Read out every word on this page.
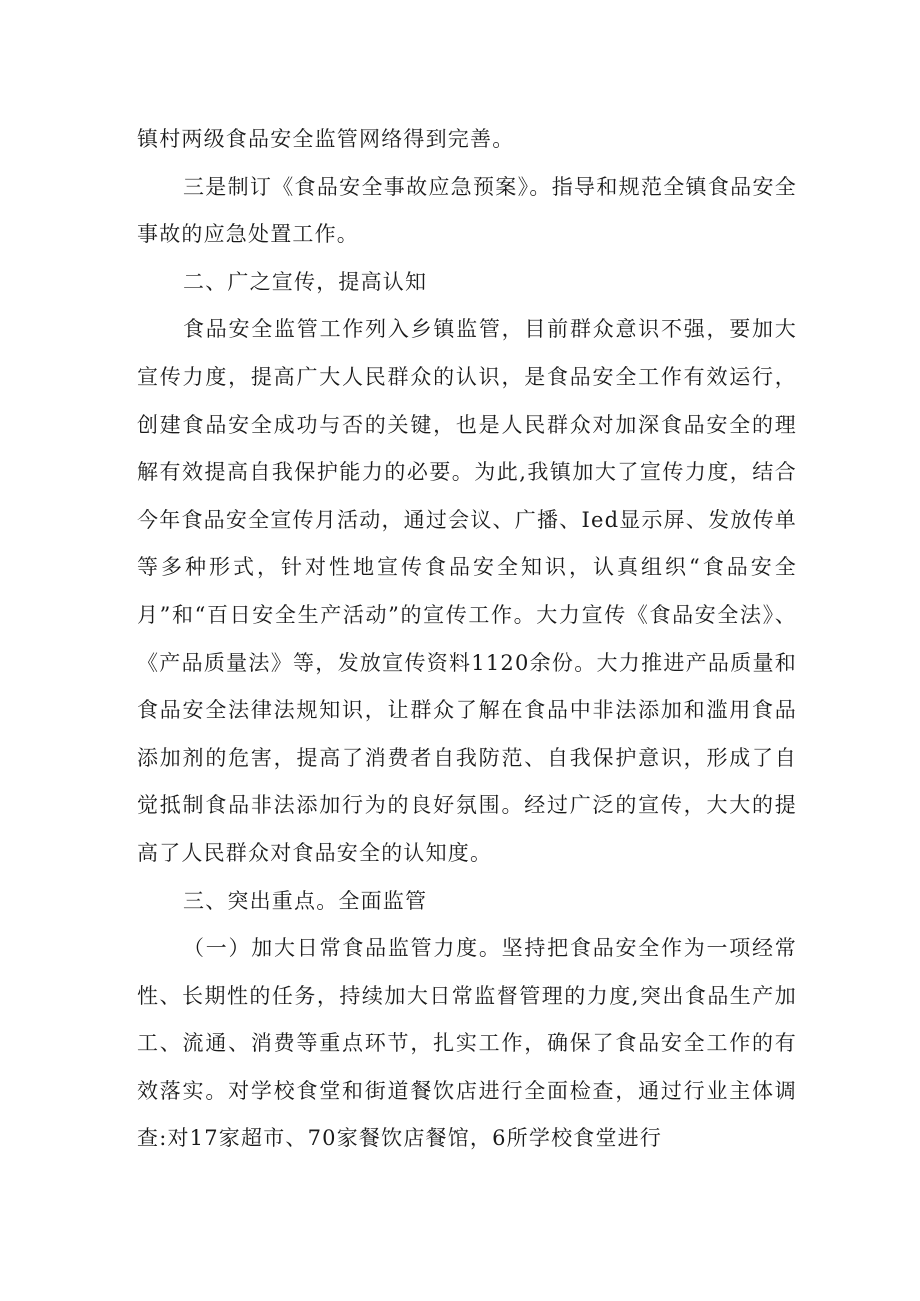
镇村两级食品安全监管网络得到完善。

三是制订《食品安全事故应急预案》。指导和规范全镇食品安全事故的应急处置工作。

二、广之宣传，提高认知

食品安全监管工作列入乡镇监管，目前群众意识不强，要加大宣传力度，提高广大人民群众的认识，是食品安全工作有效运行，创建食品安全成功与否的关键，也是人民群众对加深食品安全的理解有效提高自我保护能力的必要。为此,我镇加大了宣传力度，结合今年食品安全宣传月活动，通过会议、广播、Ied显示屏、发放传单等多种形式，针对性地宣传食品安全知识，认真组织“食品安全月”和“百日安全生产活动”的宣传工作。大力宣传《食品安全法》、《产品质量法》等，发放宣传资料1120余份。大力推进产品质量和食品安全法律法规知识，让群众了解在食品中非法添加和滥用食品添加剂的危害，提高了消费者自我防范、自我保护意识，形成了自觉抵制食品非法添加行为的良好氛围。经过广泛的宣传，大大的提高了人民群众对食品安全的认知度。

三、突出重点。全面监管

（一）加大日常食品监管力度。坚持把食品安全作为一项经常性、长期性的任务，持续加大日常监督管理的力度,突出食品生产加工、流通、消费等重点环节，扎实工作，确保了食品安全工作的有效落实。对学校食堂和街道餐饮店进行全面检查，通过行业主体调查:对17家超市、70家餐饮店餐馆，6所学校食堂进行
